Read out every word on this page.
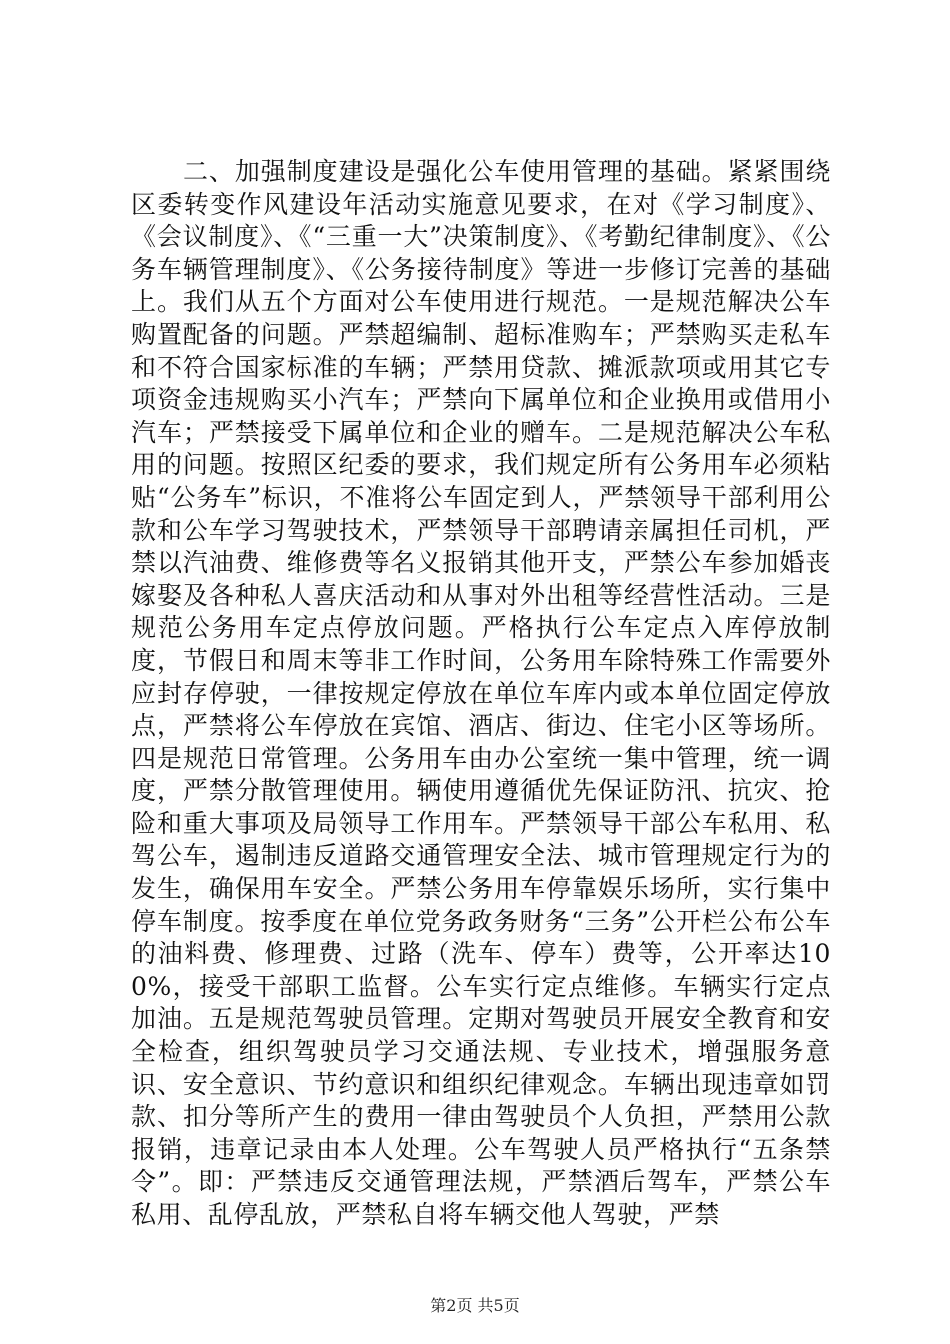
二、加强制度建设是强化公车使用管理的基础。紧紧围绕区委转变作风建设年活动实施意见要求，在对《学习制度》、《会议制度》、《“三重一大”决策制度》、《考勤纪律制度》、《公务车辆管理制度》、《公务接待制度》等进一步修订完善的基础上。我们从五个方面对公车使用进行规范。一是规范解决公车购置配备的问题。严禁超编制、超标准购车；严禁购买走私车和不符合国家标准的车辆；严禁用贷款、摊派款项或用其它专项资金违规购买小汽车；严禁向下属单位和企业换用或借用小汽车；严禁接受下属单位和企业的赠车。二是规范解决公车私用的问题。按照区纪委的要求，我们规定所有公务用车必须粘贴“公务车”标识，不准将公车固定到人，严禁领导干部利用公款和公车学习驾驶技术，严禁领导干部聘请亲属担任司机，严禁以汽油费、维修费等名义报销其他开支，严禁公车参加婚丧嫁娶及各种私人喜庆活动和从事对外出租等经营性活动。三是规范公务用车定点停放问题。严格执行公车定点入库停放制度，节假日和周末等非工作时间，公务用车除特殊工作需要外应封存停驶，一律按规定停放在单位车库内或本单位固定停放点，严禁将公车停放在宾馆、酒店、街边、住宅小区等场所。四是规范日常管理。公务用车由办公室统一集中管理，统一调度，严禁分散管理使用。辆使用遵循优先保证防汛、抗灾、抢险和重大事项及局领导工作用车。严禁领导干部公车私用、私驾公车，遏制违反道路交通管理安全法、城市管理规定行为的发生，确保用车安全。严禁公务用车停靠娱乐场所，实行集中停车制度。按季度在单位党务政务财务“三务”公开栏公布公车的油料费、修理费、过路（洗车、停车）费等，公开率达100%，接受干部职工监督。公车实行定点维修。车辆实行定点加油。五是规范驾驶员管理。定期对驾驶员开展安全教育和安全检查，组织驾驶员学习交通法规、专业技术，增强服务意识、安全意识、节约意识和组织纪律观念。车辆出现违章如罚款、扣分等所产生的费用一律由驾驶员个人负担，严禁用公款报销，违章记录由本人处理。公车驾驶人员严格执行“五条禁令”。即：严禁违反交通管理法规，严禁酒后驾车，严禁公车私用、乱停乱放，严禁私自将车辆交他人驾驶，严禁

第2页 共5页
